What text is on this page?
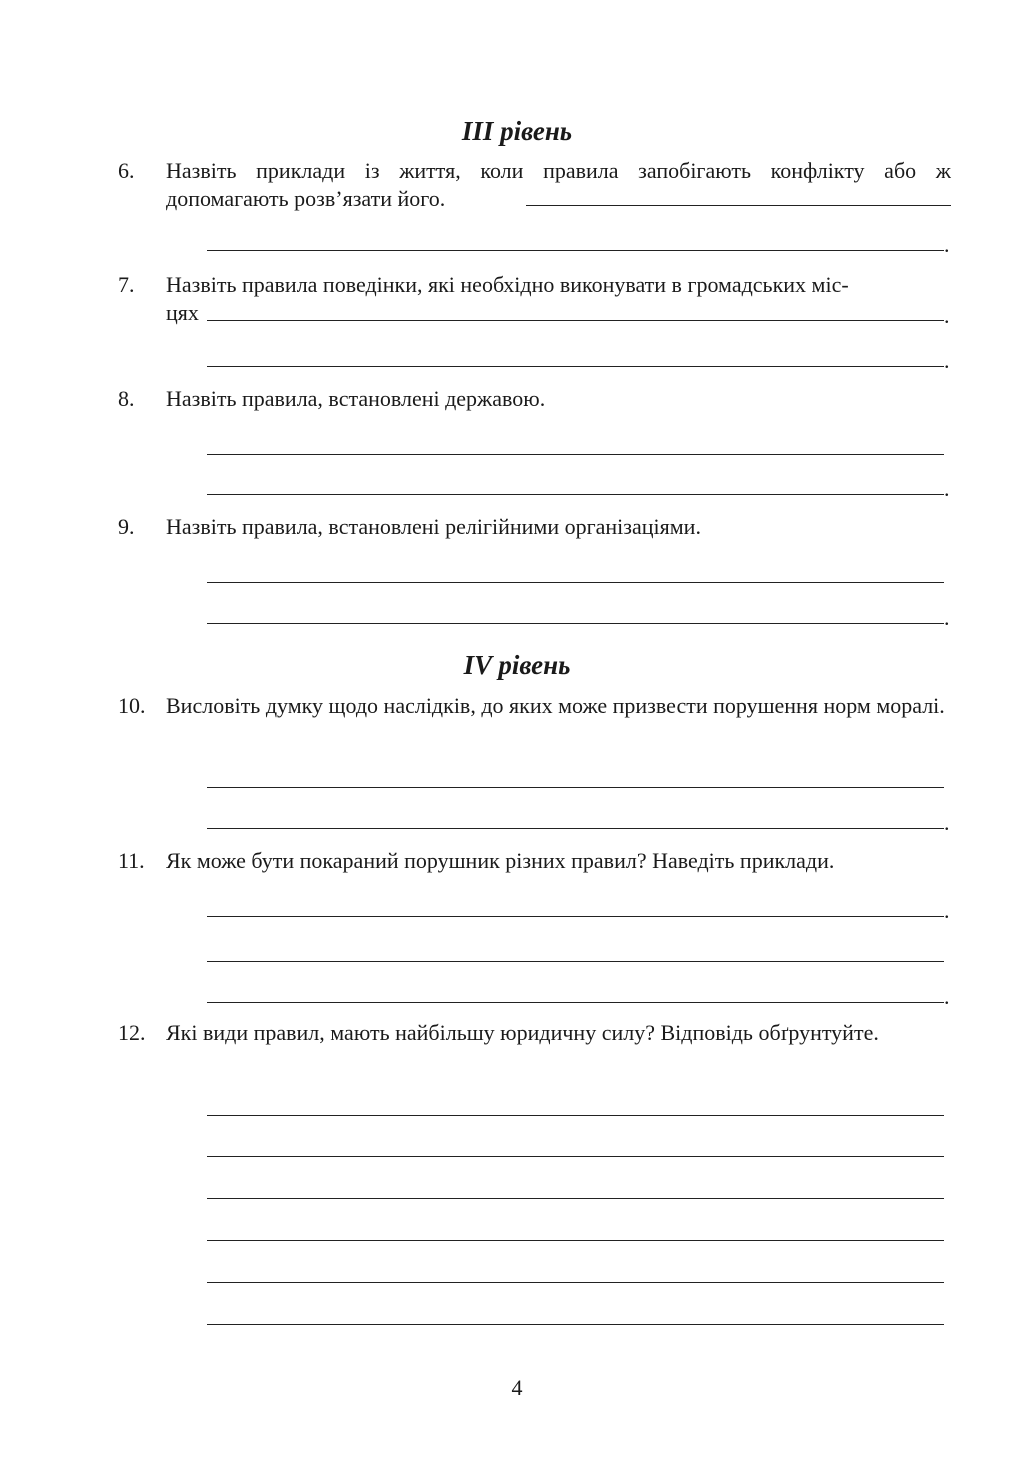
III рівень
6. Назвіть приклади із життя, коли правила запобігають конфлікту або ж допомагають розв’язати його.
.
7. Назвіть правила поведінки, які необхідно виконувати в громадських міс-
цях	.
.
8. Назвіть правила, встановлені державою.
.
9. Назвіть правила, встановлені релігійними організаціями.
.
IV рівень
10. Висловіть думку щодо наслідків, до яких може призвести порушення норм моралі.
.
11. Як може бути покараний порушник різних правил? Наведіть приклади.
.
.
12. Які види правил, мають найбільшу юридичну силу? Відповідь обґрунтуйте.
4
